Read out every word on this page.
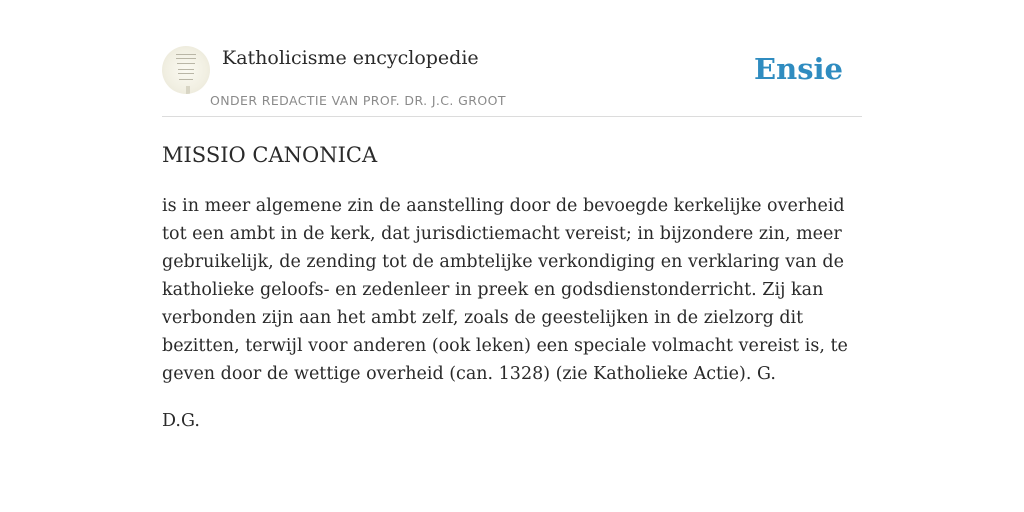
Katholicisme encyclopedie
ONDER REDACTIE VAN PROF. DR. J.C. GROOT
Ensie
MISSIO CANONICA

is in meer algemene zin de aanstelling door de bevoegde kerkelijke overheid tot een ambt in de kerk, dat jurisdictiemacht vereist; in bijzondere zin, meer gebruikelijk, de zending tot de ambtelijke verkondiging en verklaring van de katholieke geloofs- en zedenleer in preek en godsdienstonderricht. Zij kan verbonden zijn aan het ambt zelf, zoals de geestelijken in de zielzorg dit bezitten, terwijl voor anderen (ook leken) een speciale volmacht vereist is, te geven door de wettige overheid (can. 1328) (zie Katholieke Actie). G.

D.G.
